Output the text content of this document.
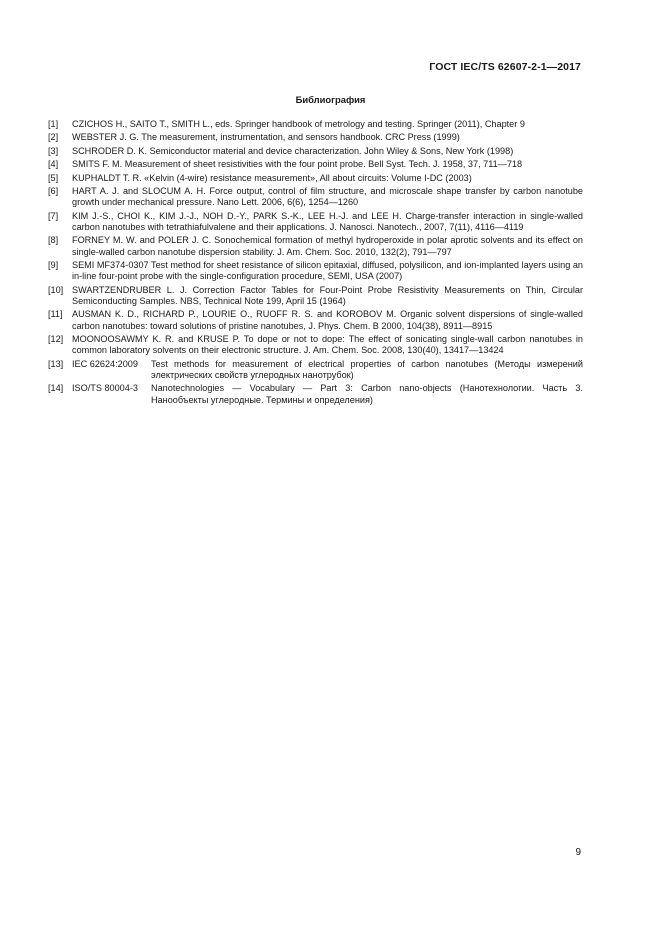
ГОСТ IEC/TS 62607-2-1—2017
Библиография
[1]	CZICHOS H., SAITO T., SMITH L., eds. Springer handbook of metrology and testing. Springer (2011), Chapter 9
[2]	WEBSTER J. G. The measurement, instrumentation, and sensors handbook. CRC Press (1999)
[3]	SCHRODER D. K. Semiconductor material and device characterization. John Wiley & Sons, New York (1998)
[4]	SMITS F. M. Measurement of sheet resistivities with the four point probe. Bell Syst. Tech. J. 1958, 37, 711—718
[5]	KUPHALDT T. R. «Kelvin (4-wire) resistance measurement», All about circuits: Volume I-DC (2003)
[6]	HART A. J. and SLOCUM A. H. Force output, control of film structure, and microscale shape transfer by carbon nanotube growth under mechanical pressure. Nano Lett. 2006, 6(6), 1254—1260
[7]	KIM J.-S., CHOI K., KIM J.-J., NOH D.-Y., PARK S.-K., LEE H.-J. and LEE H. Charge-transfer interaction in single-walled carbon nanotubes with tetrathiafulvalene and their applications. J. Nanosci. Nanotech., 2007, 7(11), 4116—4119
[8]	FORNEY M. W. and POLER J. C. Sonochemical formation of methyl hydroperoxide in polar aprotic solvents and its effect on single-walled carbon nanotube dispersion stability. J. Am. Chem. Soc. 2010, 132(2), 791—797
[9]	SEMI MF374-0307 Test method for sheet resistance of silicon epitaxial, diffused, polysilicon, and ion-implanted layers using an in-line four-point probe with the single-configuration procedure, SEMI, USA (2007)
[10] SWARTZENDRUBER L. J. Correction Factor Tables for Four-Point Probe Resistivity Measurements on Thin, Circular Semiconducting Samples. NBS, Technical Note 199, April 15 (1964)
[11]	AUSMAN K. D., RICHARD P., LOURIE O., RUOFF R. S. and KOROBOV M. Organic solvent dispersions of single-walled carbon nanotubes: toward solutions of pristine nanotubes, J. Phys. Chem. B 2000, 104(38), 8911—8915
[12] MOONOOSAWMY K. R. and KRUSE P. To dope or not to dope: The effect of sonicating single-wall carbon nanotubes in common laboratory solvents on their electronic structure. J. Am. Chem. Soc. 2008, 130(40), 13417—13424
[13] IEC 62624:2009	Test methods for measurement of electrical properties of carbon nanotubes (Методы измерений электрических свойств углеродных нанотрубок)
[14] ISO/TS 80004-3	Nanotechnologies — Vocabulary — Part 3: Carbon nano-objects (Нанотехнологии. Часть 3. Нанообъекты углеродные. Термины и определения)
9
